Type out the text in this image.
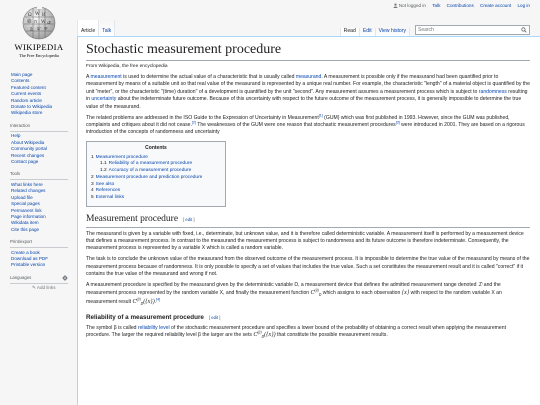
Not logged in Talk Contributions Create account Log in
Ω W И
維 ก W ی
ვ ש ক
WIKIPEDIA
The Free Encyclopedia
Article	Talk	Read	Edit	View history	Search
Main page
Contents
Featured content
Current events
Random article
Donate to Wikipedia
Wikipedia store
Interaction
Help
About Wikipedia
Community portal
Recent changes
Contact page
Tools
What links here
Related changes
Upload file
Special pages
Permanent link
Page information
Wikidata item
Cite this page
Print/export
Create a book
Download as PDF
Printable version
Languages
✎ Add links
Stochastic measurement procedure
From Wikipedia, the free encyclopedia

A measurement is used to determine the actual value of a characteristic that is usually called measurand. A measurement is possible only if the measurand had been quantified prior to measurement by means of a suitable unit so that real value of the measurand is represented by a unique real number. For example, the characteristic "length" of a material object is quantified by the unit "meter", or the characteristic "(time) duration" of a development is quantified by the unit "second". Any measurement assumes a measurement process which is subject to randomness resulting in uncertainty about the indeterminate future outcome. Because of this uncertainty with respect to the future outcome of the measurement process, it is generally impossible to determine the true value of the measurand.

The related problems are addressed in the ISO Guide to the Expression of Uncertainty in Measurement[1] (GUM) which was first published in 1993. However, since the GUM was published, complaints and critiques about it did not cease.[2] The weaknesses of the GUM were one reason that stochastic measurement procedures[3] were introduced in 2001. They are based on a rigorous introduction of the concepts of randomness and uncertainty

Contents
1 Measurement procedure
1.1 Reliability of a measurement procedure
1.2 Accuracy of a measurement procedure
2 Measurement procedure and prediction procedure
3 See also
4 References
5 External links
Measurement procedure [ edit ]

The measurand is given by a variable with fixed, i.e., determinate, but unknown value, and it is therefore called deterministic variable. A measurement itself is performed by a measurement device that defines a measurement process. In contrast to the measurand the measurement process is subject to randomness and its future outcome is therefore indeterminate. Consequently, the measurement process is represented by a variable X which is called a random variable.

The task is to conclude the unknown value of the measurand from the observed outcome of the measurement process. It is impossible to determine the true value of the measurand by means of the measurement process because of randomness. It is only possible to specify a set of values that includes the true value. Such a set constitutes the measurement result and it is called "correct" if it contains the true value of the measurand and wrong if not.

A measurement procedure is specified by the measurand given by the deterministic variable D, a measurement device that defines the admitted measurement range denoted 𝔇 and the measurement process represented by the random variable X, and finally the measurement function $C^{(\beta)}_D$ which assigns to each observation {x} with respect to the random variable X an measurement result $C^{(\beta)}_D(\{x\}).[4]$

Reliability of a measurement procedure [ edit ]

The symbol β is called reliability level of the stochastic measurement procedure and specifies a lower bound of the probability of obtaining a correct result when applying the measurement procedure. The larger the required reliability level β the larger are the sets $C^{(\beta)}_D(\{x\})$ that constitute the possible measurement results.
